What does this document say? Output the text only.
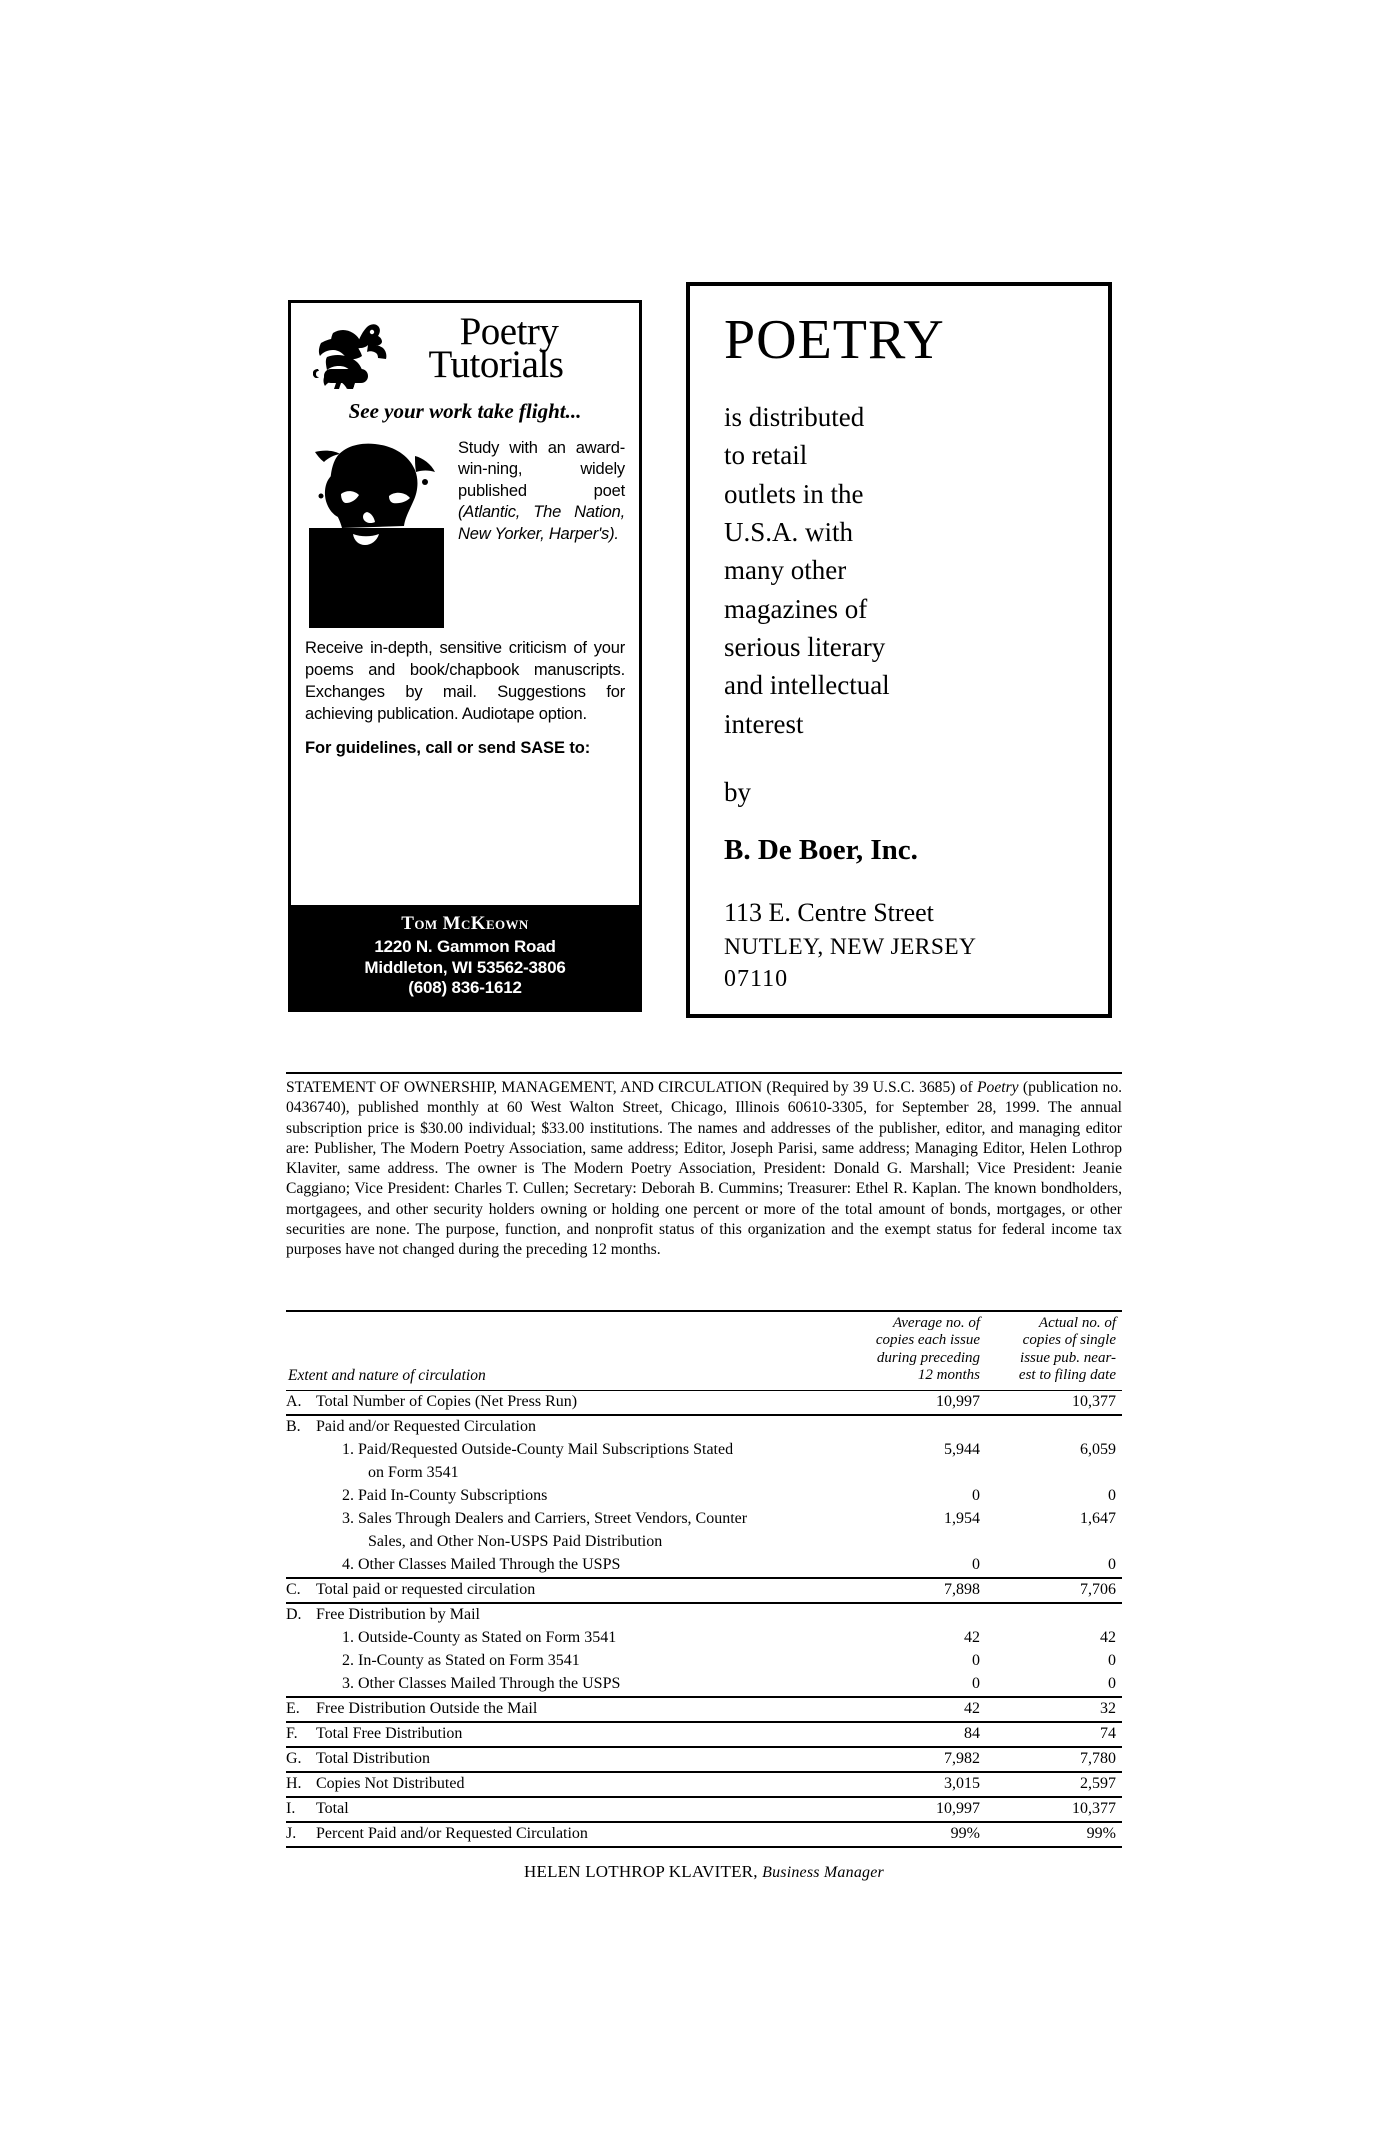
Poetry
Tutorials
See your work take flight...
Study with an award-win-ning, widely published poet (Atlantic, The Nation, New Yorker, Harper's).
Receive in-depth, sensitive criticism of your poems and book/chapbook manuscripts. Exchanges by mail. Suggestions for achieving publication. Audiotape option.
For guidelines, call or send SASE to:
Tom McKeown
1220 N. Gammon Road
Middleton, WI 53562-3806
(608) 836-1612
POETRY
is distributed
to retail
outlets in the
U.S.A. with
many other
magazines of
serious literary
and intellectual
interest
by
B. De Boer, Inc.
113 E. Centre Street
NUTLEY, NEW JERSEY
07110
STATEMENT OF OWNERSHIP, MANAGEMENT, AND CIRCULATION (Required by 39 U.S.C. 3685) of Poetry (publication no. 0436740), published monthly at 60 West Walton Street, Chicago, Illinois 60610-3305, for September 28, 1999. The annual subscription price is $30.00 individual; $33.00 institutions. The names and addresses of the publisher, editor, and managing editor are: Publisher, The Modern Poetry Association, same address; Editor, Joseph Parisi, same address; Managing Editor, Helen Lothrop Klaviter, same address. The owner is The Modern Poetry Association, President: Donald G. Marshall; Vice President: Jeanie Caggiano; Vice President: Charles T. Cullen; Secretary: Deborah B. Cummins; Treasurer: Ethel R. Kaplan. The known bondholders, mortgagees, and other security holders owning or holding one percent or more of the total amount of bonds, mortgages, or other securities are none. The purpose, function, and nonprofit status of this organization and the exempt status for federal income tax purposes have not changed during the preceding 12 months.

Extent and nature of circulation	
Average no. of
copies each issue
during preceding
12 months

Actual no. of
copies of single
issue pub. near-
est to filing date

A. Total Number of Copies (Net Press Run)	10,997	10,377

B. Paid and/or Requested Circulation		
1. Paid/Requested Outside-County Mail Subscriptions Stated	5,944	6,059
on Form 3541		
2. Paid In-County Subscriptions	0	0
3. Sales Through Dealers and Carriers, Street Vendors, Counter	1,954	1,647
Sales, and Other Non-USPS Paid Distribution		
4. Other Classes Mailed Through the USPS	0	0

C. Total paid or requested circulation	7,898	7,706

D. Free Distribution by Mail		
1. Outside-County as Stated on Form 3541	42	42
2. In-County as Stated on Form 3541	0	0
3. Other Classes Mailed Through the USPS	0	0

E. Free Distribution Outside the Mail	42	32

F. Total Free Distribution	84	74

G. Total Distribution	7,982	7,780

H. Copies Not Distributed	3,015	2,597

I. Total	10,997	10,377

J. Percent Paid and/or Requested Circulation	99%	99%

HELEN LOTHROP KLAVITER, Business Manager
